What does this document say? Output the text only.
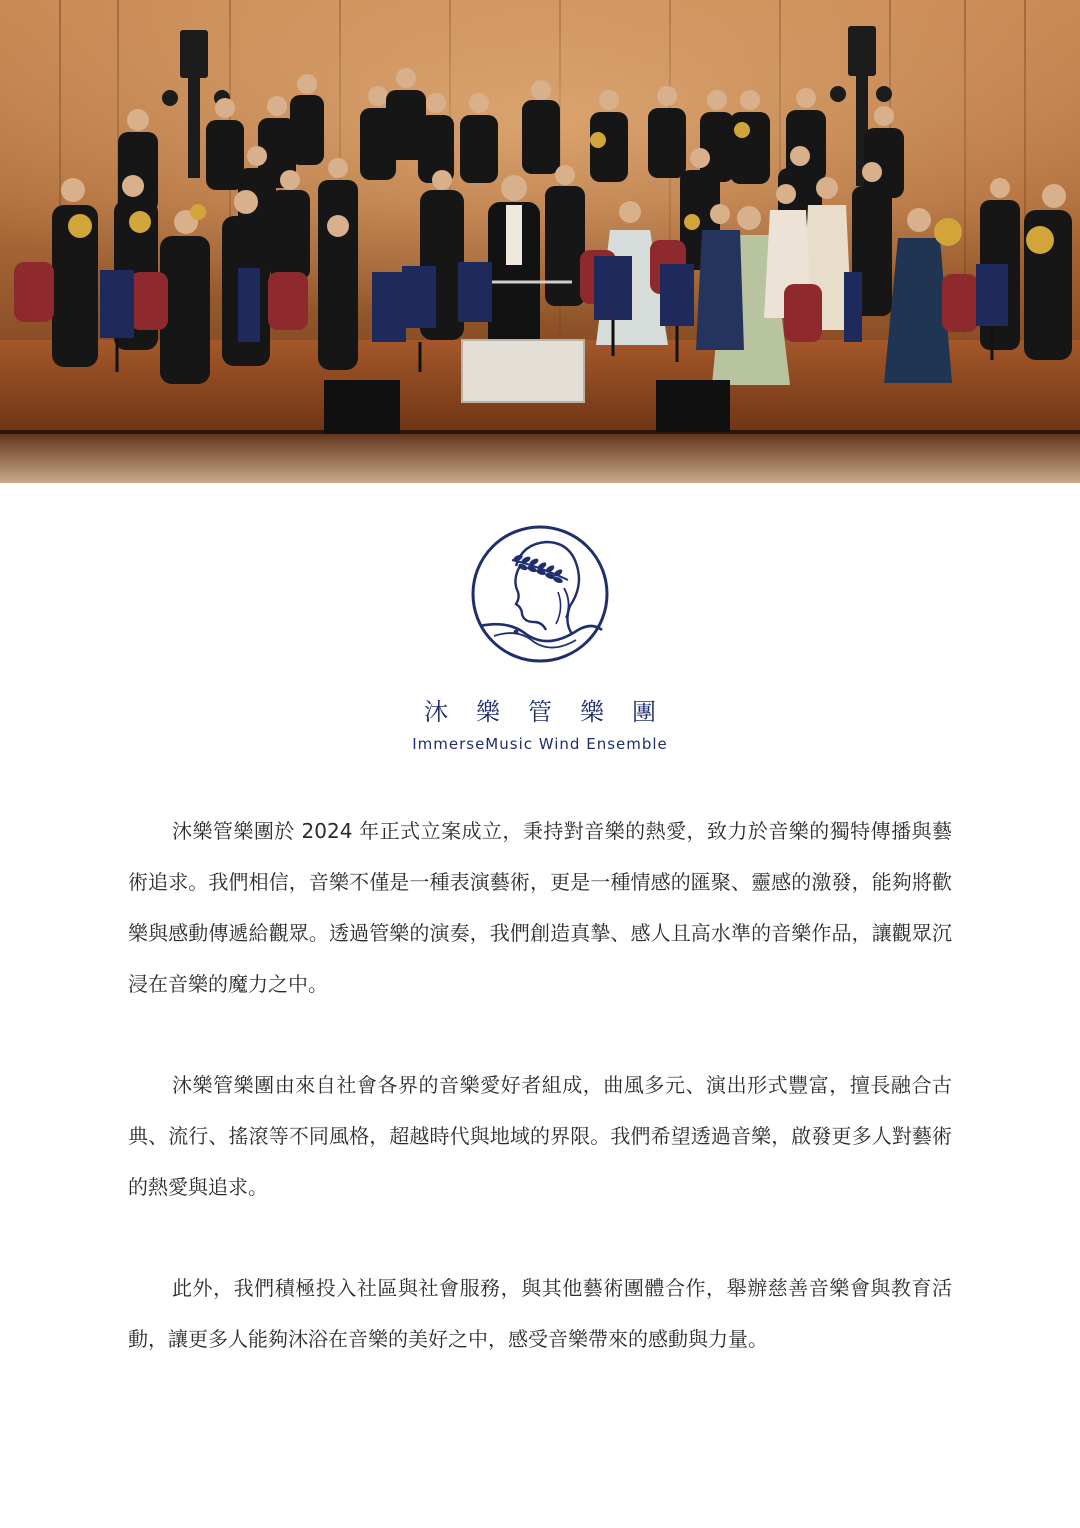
沐樂管樂團
ImmerseMusic Wind Ensemble

沐樂管樂團於 2024 年正式立案成立，秉持對音樂的熱愛，致力於音樂的獨特傳播與藝術追求。我們相信，音樂不僅是一種表演藝術，更是一種情感的匯聚、靈感的激發，能夠將歡樂與感動傳遞給觀眾。透過管樂的演奏，我們創造真摯、感人且高水準的音樂作品，讓觀眾沉浸在音樂的魔力之中。

沐樂管樂團由來自社會各界的音樂愛好者組成，曲風多元、演出形式豐富，擅長融合古典、流行、搖滾等不同風格，超越時代與地域的界限。我們希望透過音樂，啟發更多人對藝術的熱愛與追求。

此外，我們積極投入社區與社會服務，與其他藝術團體合作，舉辦慈善音樂會與教育活動，讓更多人能夠沐浴在音樂的美好之中，感受音樂帶來的感動與力量。
